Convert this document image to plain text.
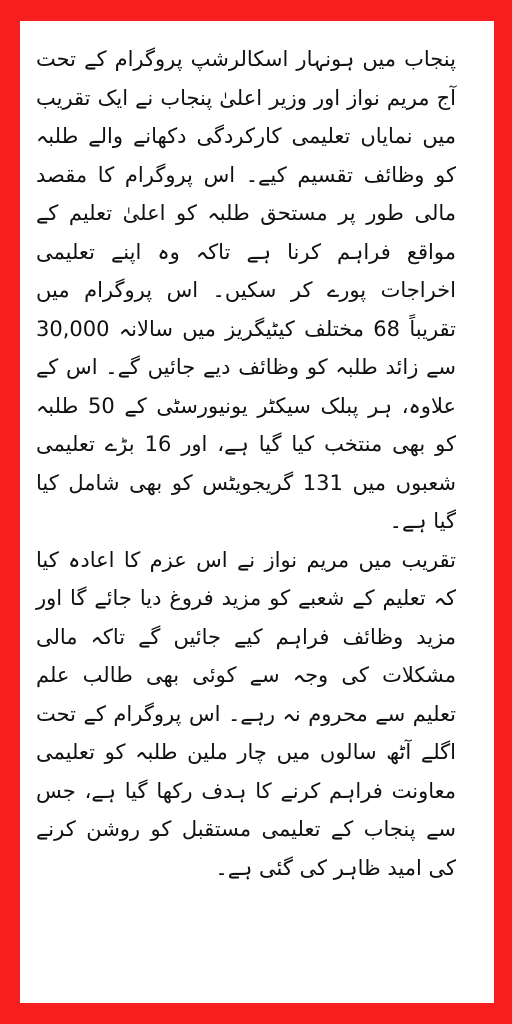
پنجاب میں ہونہار اسکالرشپ پروگرام کے تحت آج مریم نواز اور وزیر اعلیٰ پنجاب نے ایک تقریب میں نمایاں تعلیمی کارکردگی دکھانے والے طلبہ کو وظائف تقسیم کیے۔ اس پروگرام کا مقصد مالی طور پر مستحق طلبہ کو اعلیٰ تعلیم کے مواقع فراہم کرنا ہے تاکہ وہ اپنے تعلیمی اخراجات پورے کر سکیں۔ اس پروگرام میں تقریباً 68 مختلف کیٹیگریز میں سالانہ 30,000 سے زائد طلبہ کو وظائف دیے جائیں گے۔ اس کے علاوہ، ہر پبلک سیکٹر یونیورسٹی کے 50 طلبہ کو بھی منتخب کیا گیا ہے، اور 16 بڑے تعلیمی شعبوں میں 131 گریجویٹس کو بھی شامل کیا گیا ہے۔

تقریب میں مریم نواز نے اس عزم کا اعادہ کیا کہ تعلیم کے شعبے کو مزید فروغ دیا جائے گا اور مزید وظائف فراہم کیے جائیں گے تاکہ مالی مشکلات کی وجہ سے کوئی بھی طالب علم تعلیم سے محروم نہ رہے۔ اس پروگرام کے تحت اگلے آٹھ سالوں میں چار ملین طلبہ کو تعلیمی معاونت فراہم کرنے کا ہدف رکھا گیا ہے، جس سے پنجاب کے تعلیمی مستقبل کو روشن کرنے کی امید ظاہر کی گئی ہے۔
